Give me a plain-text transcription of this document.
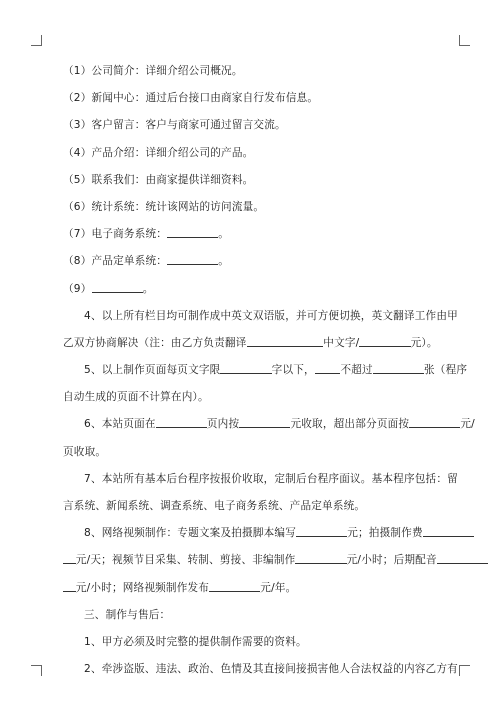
（1）公司简介：详细介绍公司概况。
（2）新闻中心：通过后台接口由商家自行发布信息。
（3）客户留言：客户与商家可通过留言交流。
（4）产品介绍：详细介绍公司的产品。
（5）联系我们：由商家提供详细资料。
（6）统计系统：统计该网站的访问流量。
（7）电子商务系统：	。
（8）产品定单系统：	。
（9）	。
4、以上所有栏目均可制作成中英文双语版，并可方便切换，英文翻译工作由甲
乙双方协商解决（注：由乙方负责翻译	中文字/	元）。
5、以上制作页面每页文字限	字以下， 不超过	张（程序
自动生成的页面不计算在内）。
6、本站页面在	页内按	元收取，超出部分页面按	元/
页收取。
7、本站所有基本后台程序按报价收取，定制后台程序面议。基本程序包括：留
言系统、新闻系统、调查系统、电子商务系统、产品定单系统。
8、网络视频制作：专题文案及拍摄脚本编写	元；拍摄制作费
元/天；视频节目采集、转制、剪接、非编制作	元/小时；后期配音
元/小时；网络视频制作发布	元/年。
三、制作与售后：
1、甲方必须及时完整的提供制作需要的资料。
2、牵涉盗版、违法、政治、色情及其直接间接损害他人合法权益的内容乙方有
